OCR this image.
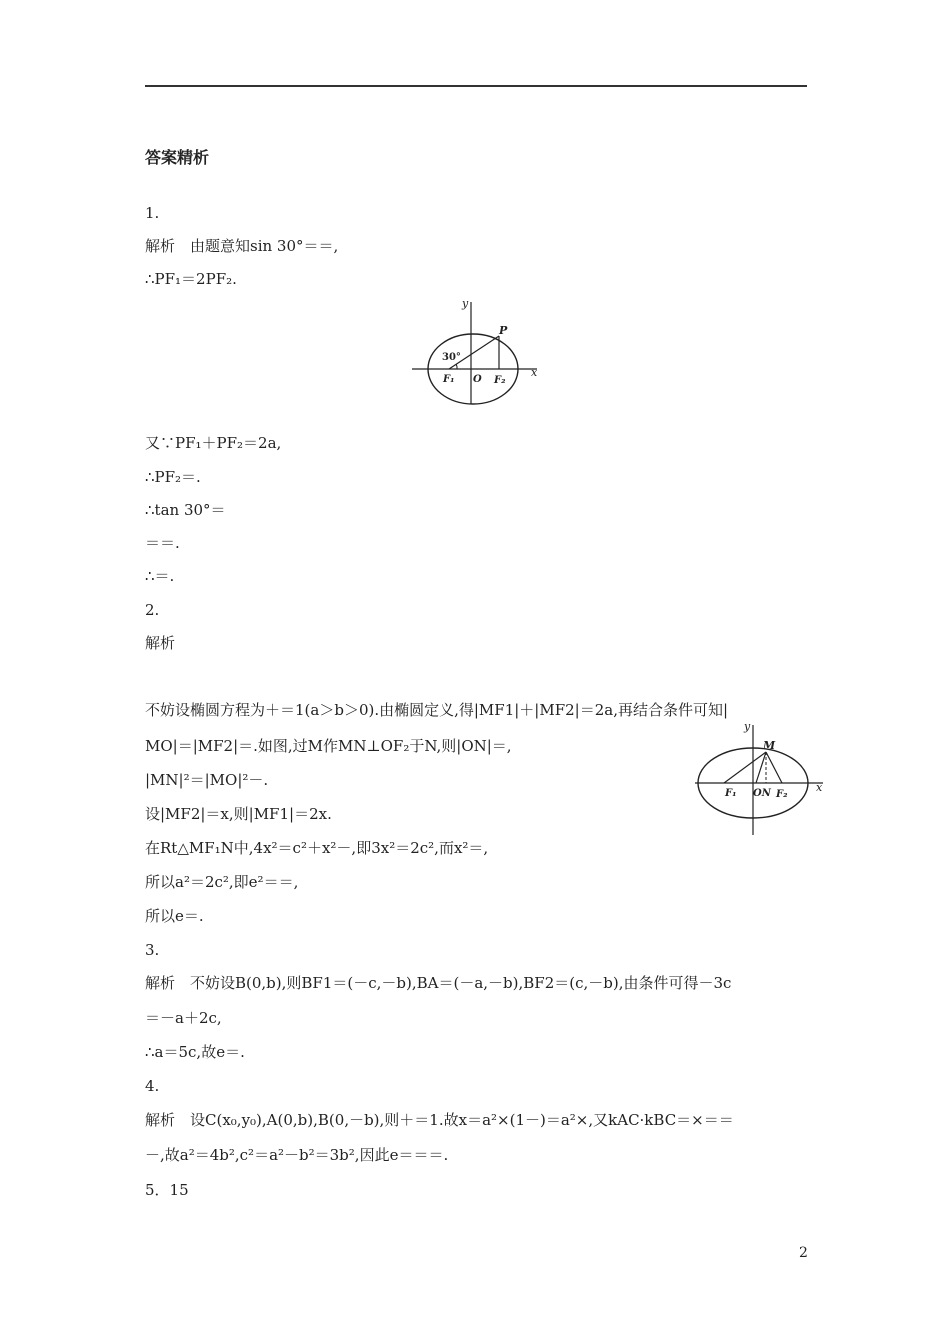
答案精析
1.
解析　由题意知sin 30°＝＝,
∴PF₁＝2PF₂.
y
x
P
30°
F₁ O F₂
又∵PF₁＋PF₂＝2a,
∴PF₂＝.
∴tan 30°＝
＝＝.
∴＝.
2.
解析
不妨设椭圆方程为＋＝1(a＞b＞0).由椭圆定义,得|MF1|＋|MF2|＝2a,再结合条件可知|
MO|＝|MF2|＝.如图,过M作MN⊥OF₂于N,则|ON|＝,
|MN|²＝|MO|²－.
设|MF2|＝x,则|MF1|＝2x.
在Rt△MF₁N中,4x²＝c²＋x²－,即3x²＝2c²,而x²＝,
所以a²＝2c²,即e²＝＝,
所以e＝.
y
x
M
F₁ ON F₂
3.
解析　不妨设B(0,b),则BF1＝(－c,－b),BA＝(－a,－b),BF2＝(c,－b),由条件可得－3c
＝－a＋2c,
∴a＝5c,故e＝.
4.
解析　设C(x₀,y₀),A(0,b),B(0,－b),则＋＝1.故x＝a²×(1－)＝a²×,又kAC·kBC＝×＝＝
－,故a²＝4b²,c²＝a²－b²＝3b²,因此e＝＝＝.
5．15
2
